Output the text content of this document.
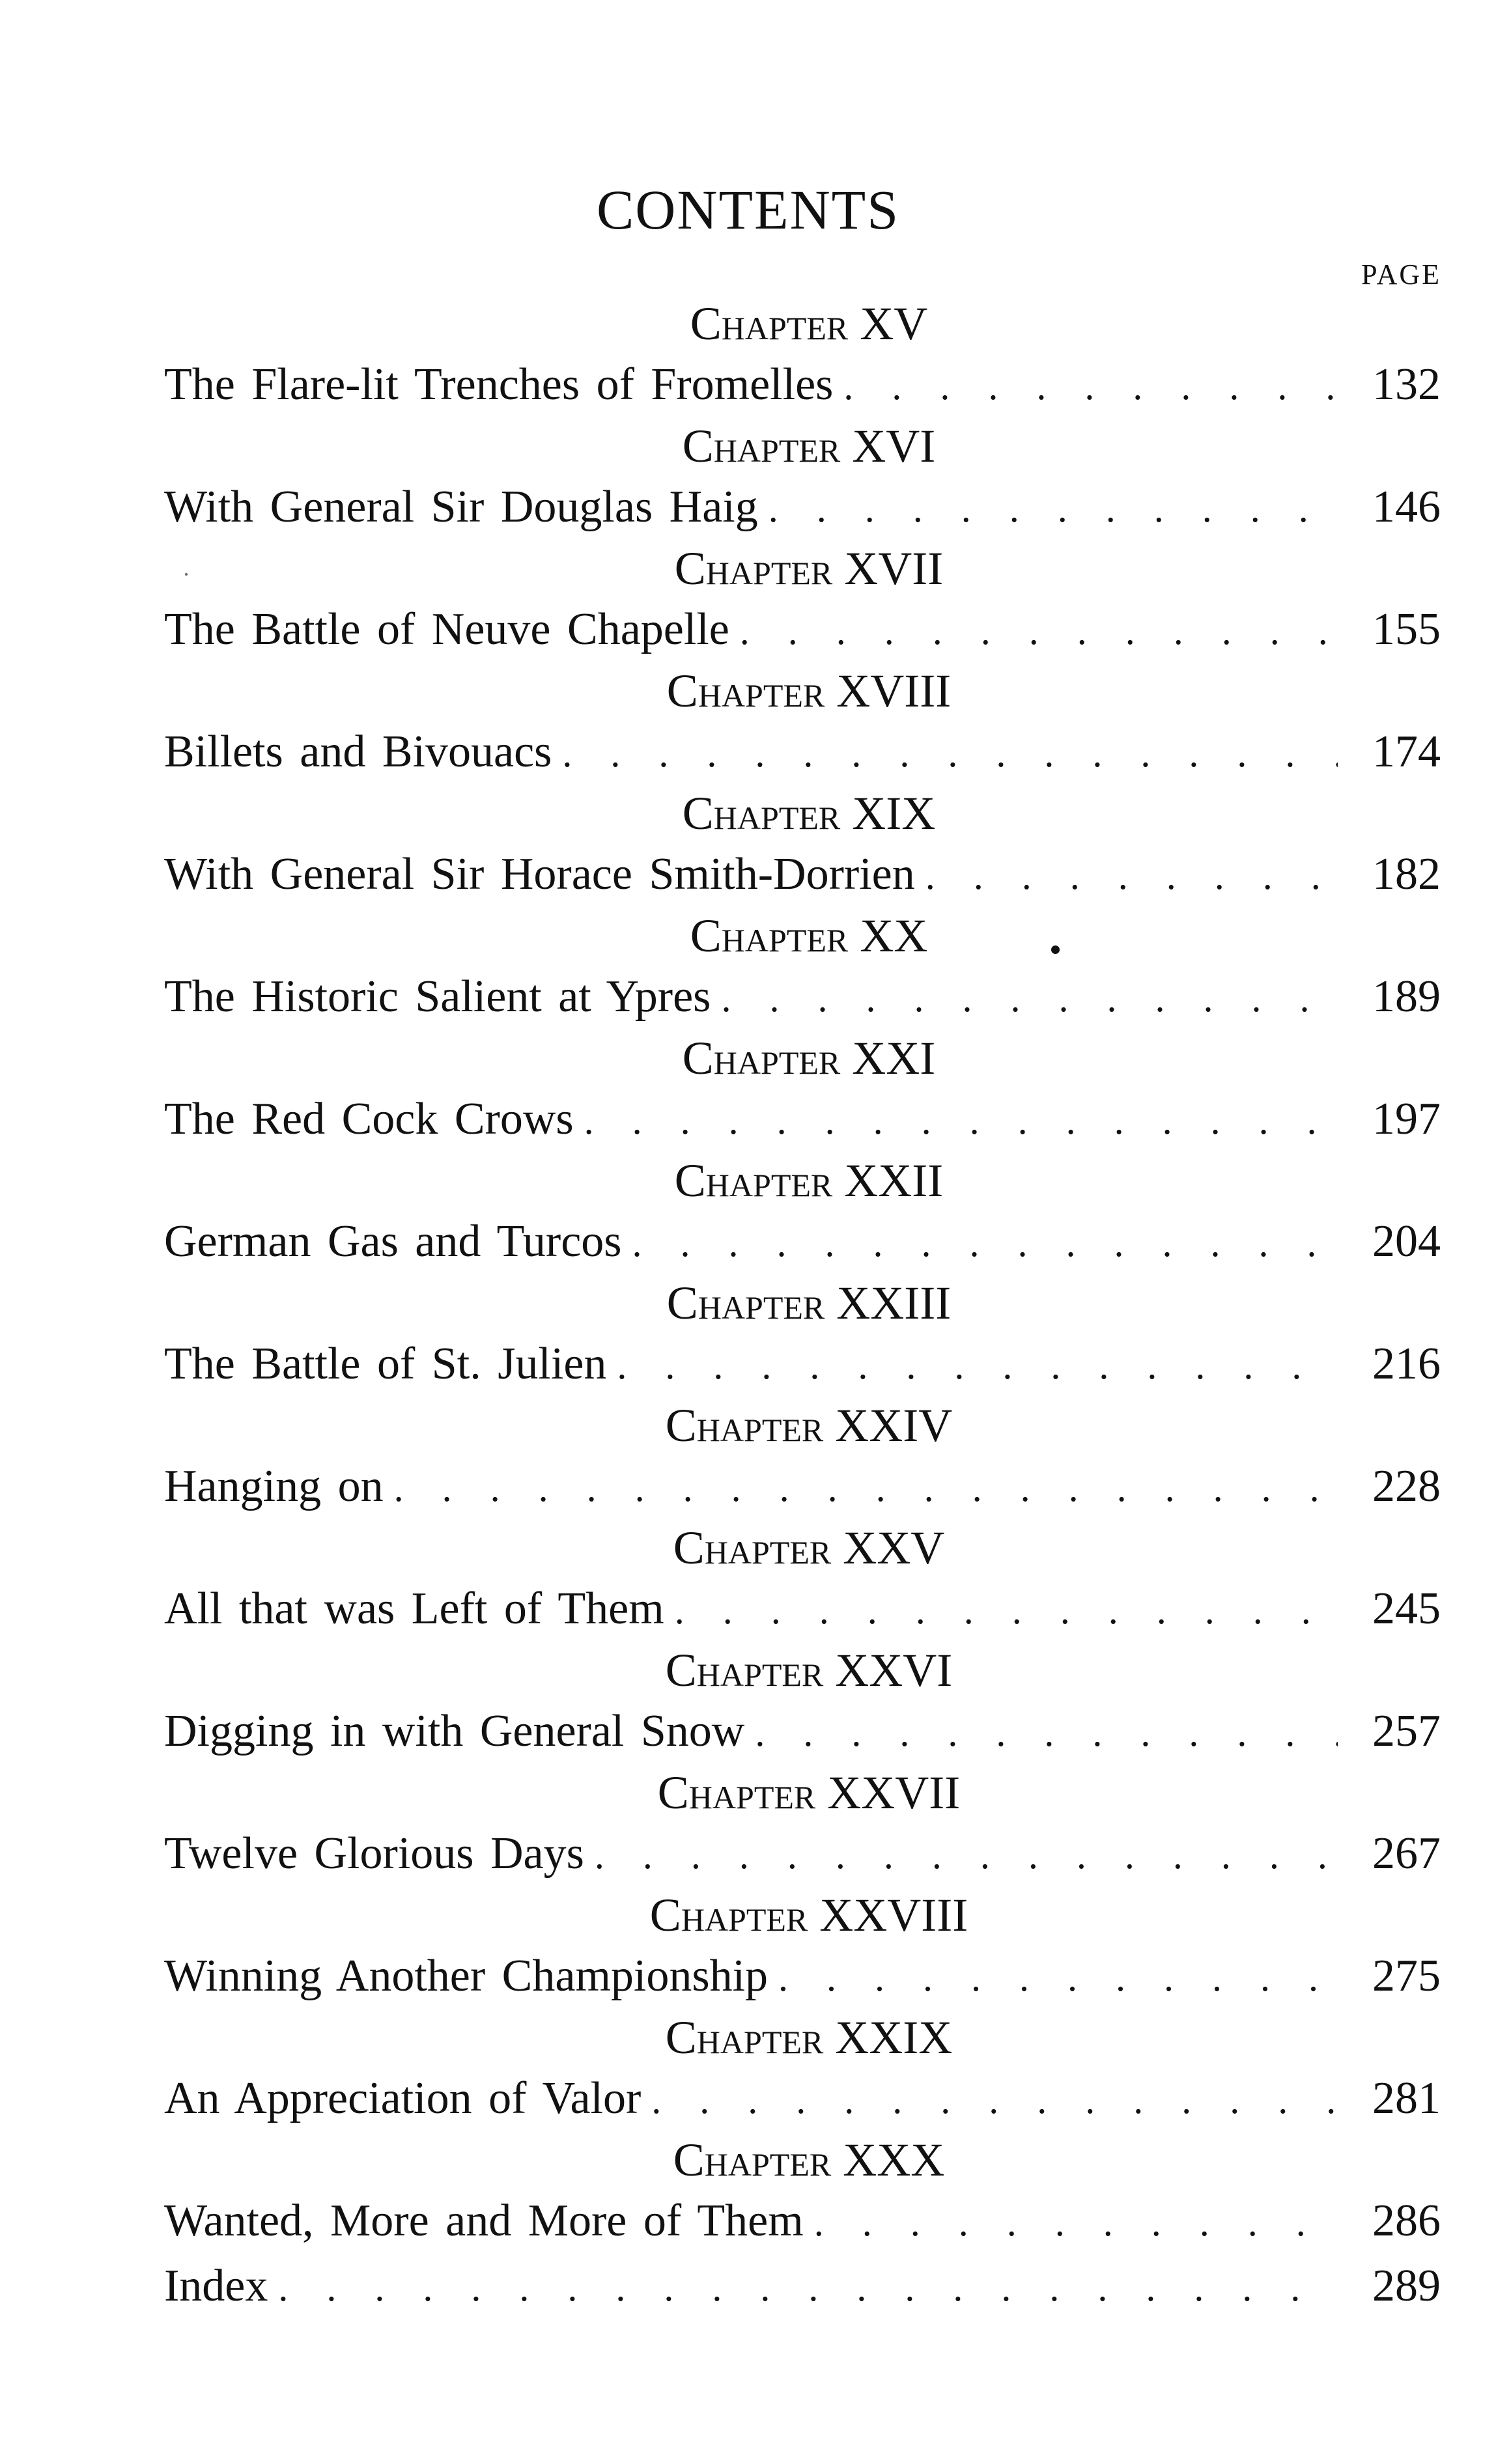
CONTENTS
PAGE
Chapter XV
The Flare-lit Trenches of Fromelles . . .	132
Chapter XVI
With General Sir Douglas Haig . . .	146
Chapter XVII
The Battle of Neuve Chapelle . . .	155
Chapter XVIII
Billets and Bivouacs . . .	174
Chapter XIX
With General Sir Horace Smith-Dorrien . . .	182
Chapter XX
The Historic Salient at Ypres . . .	189
Chapter XXI
The Red Cock Crows . . .	197
Chapter XXII
German Gas and Turcos . . .	204
Chapter XXIII
The Battle of St. Julien . . .	216
Chapter XXIV
Hanging on . . .	228
Chapter XXV
All that was Left of Them . . .	245
Chapter XXVI
Digging in with General Snow . . .	257
Chapter XXVII
Twelve Glorious Days . . .	267
Chapter XXVIII
Winning Another Championship . . .	275
Chapter XXIX
An Appreciation of Valor . . .	281
Chapter XXX
Wanted, More and More of Them . . .	286
Index . . .	289
